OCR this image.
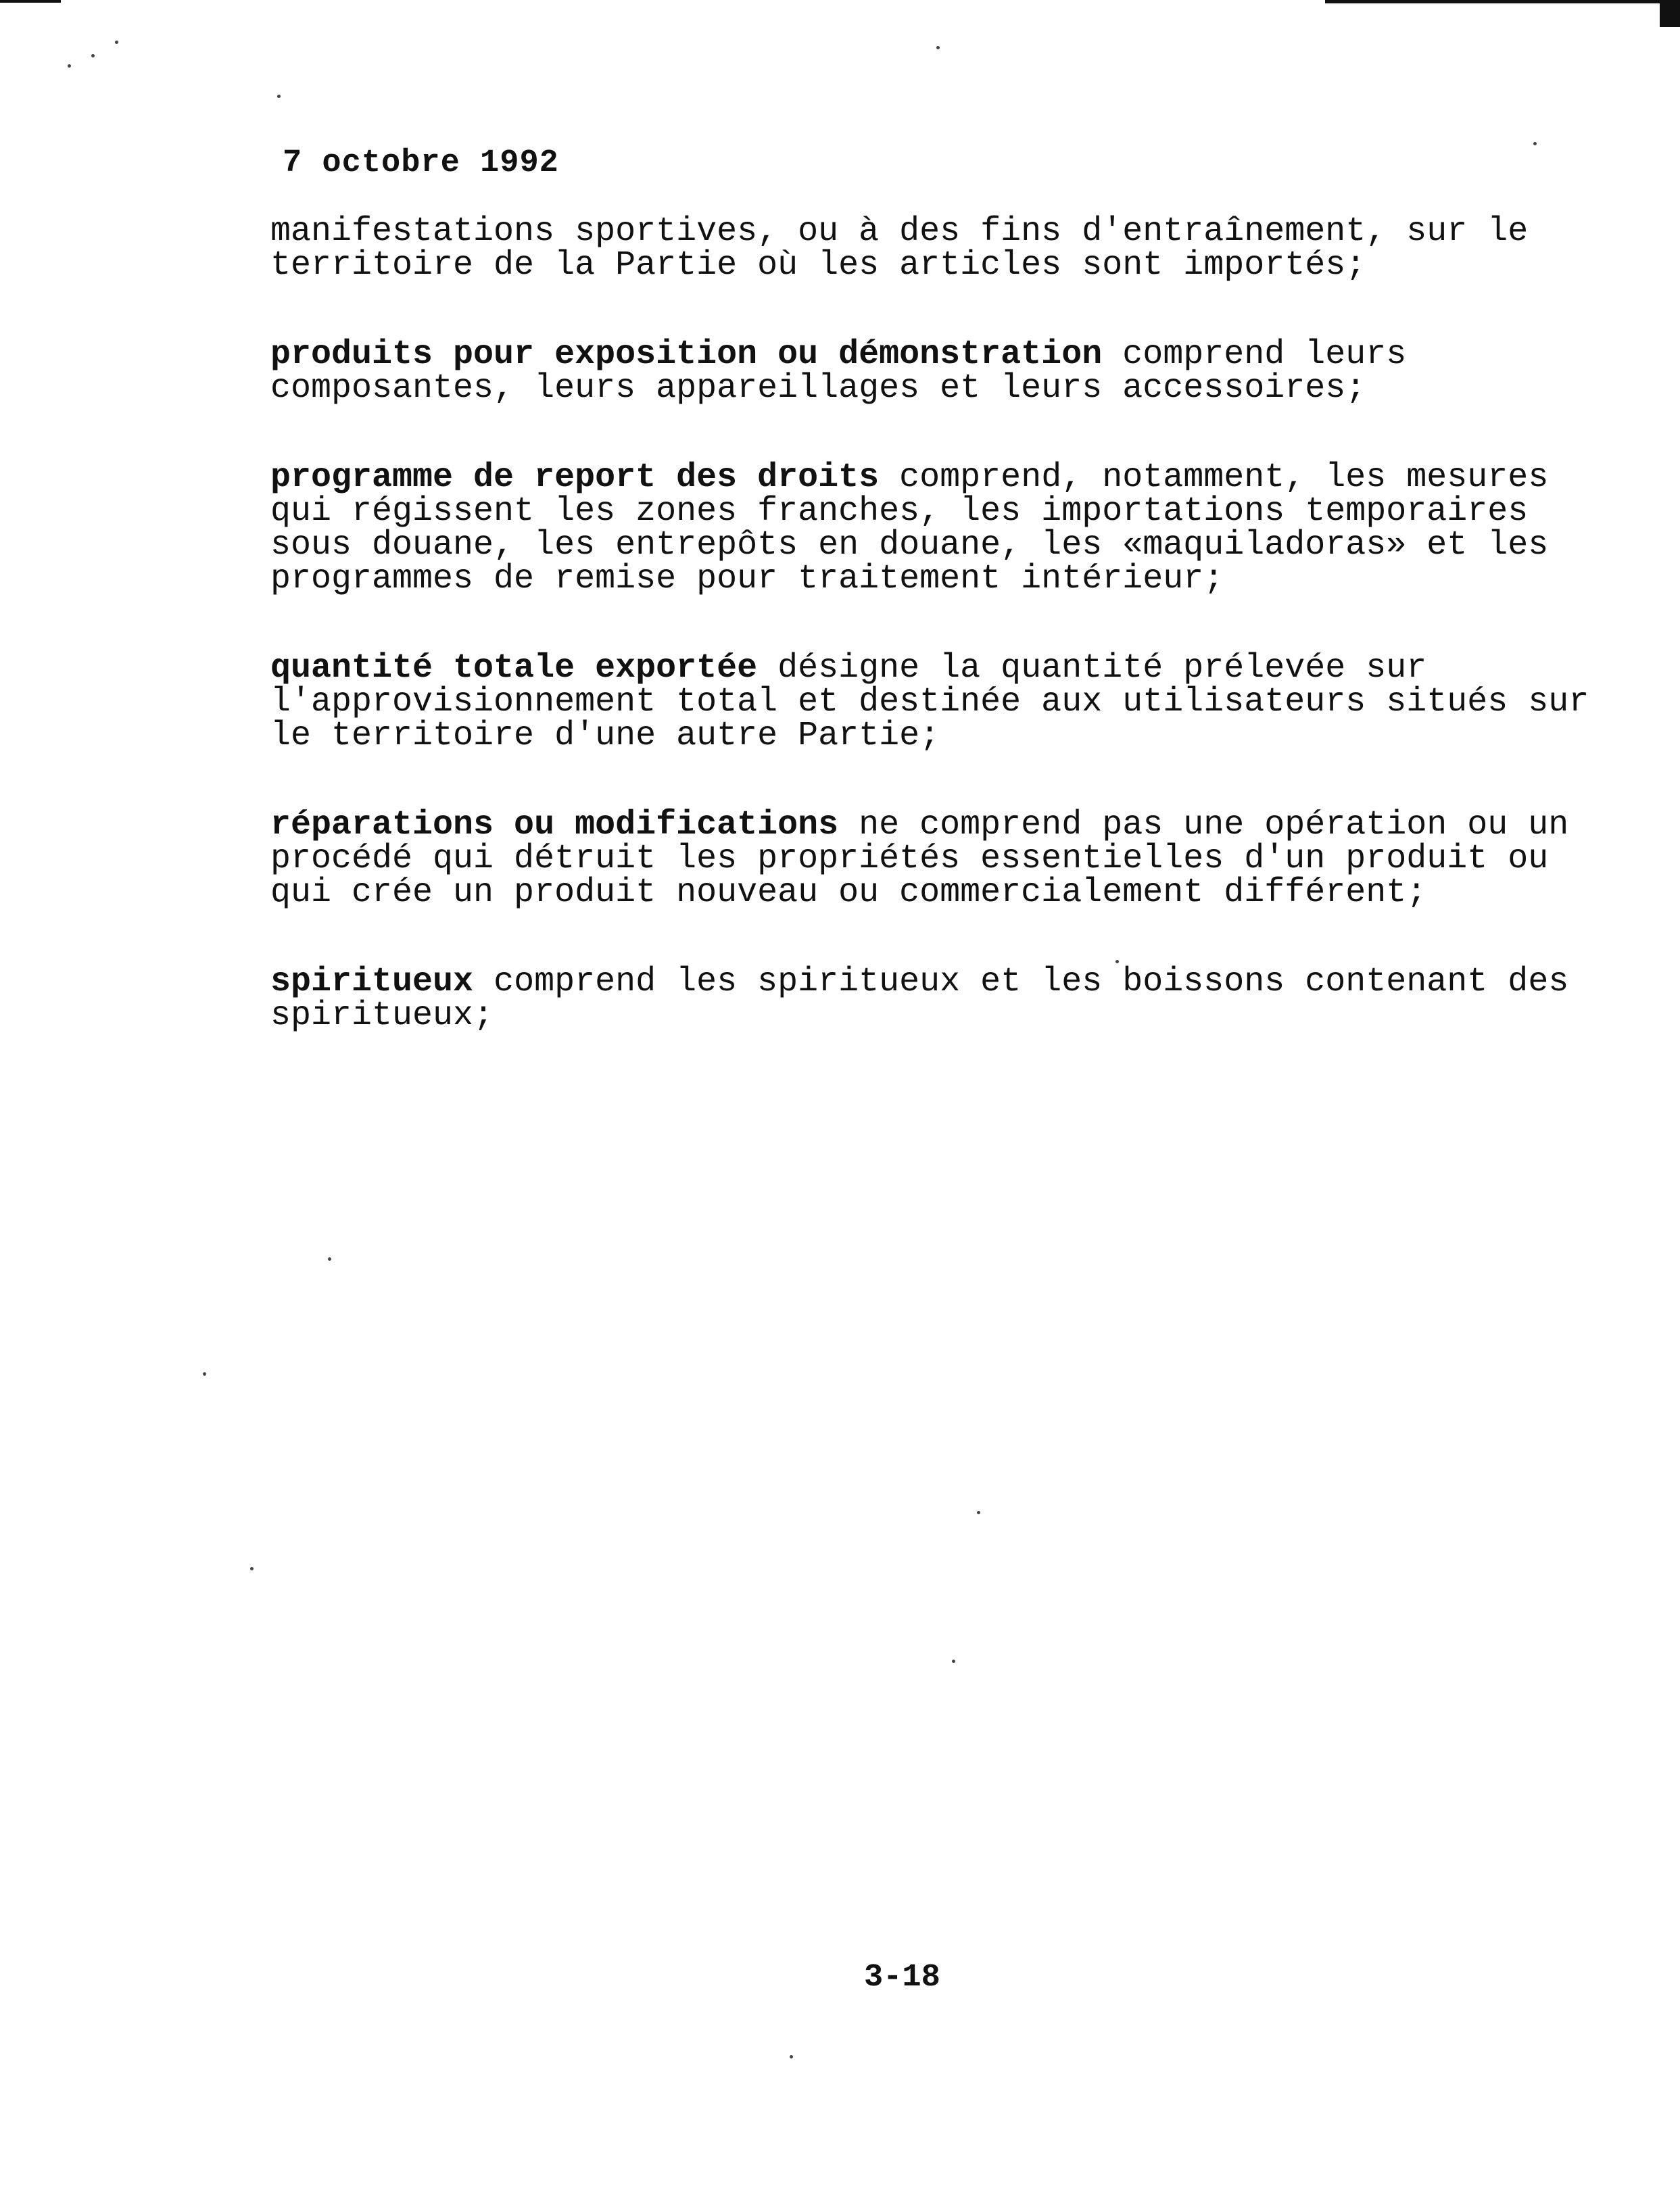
7 octobre 1992

manifestations sportives, ou à des fins d'entraînement, sur le
territoire de la Partie où les articles sont importés;

produits pour exposition ou démonstration comprend leurs
composantes, leurs appareillages et leurs accessoires;

programme de report des droits comprend, notamment, les mesures
qui régissent les zones franches, les importations temporaires
sous douane, les entrepôts en douane, les «maquiladoras» et les
programmes de remise pour traitement intérieur;

quantité totale exportée désigne la quantité prélevée sur
l'approvisionnement total et destinée aux utilisateurs situés sur
le territoire d'une autre Partie;

réparations ou modifications ne comprend pas une opération ou un
procédé qui détruit les propriétés essentielles d'un produit ou
qui crée un produit nouveau ou commercialement différent;

spiritueux comprend les spiritueux et les boissons contenant des
spiritueux;

3-18
